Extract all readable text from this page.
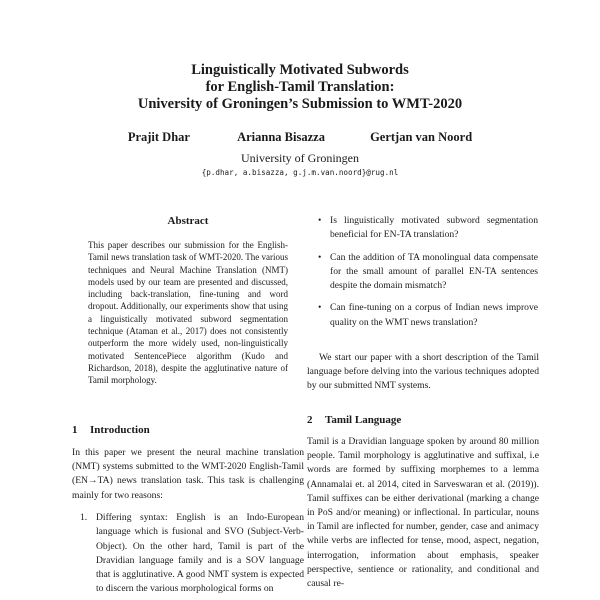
Linguistically Motivated Subwords
for English-Tamil Translation:
University of Groningen’s Submission to WMT-2020
Prajit Dhar	Arianna Bisazza	Gertjan van Noord
University of Groningen
{p.dhar, a.bisazza, g.j.m.van.noord}@rug.nl
Abstract

This paper describes our submission for the English-Tamil news translation task of WMT-2020. The various techniques and Neural Machine Translation (NMT) models used by our team are presented and discussed, including back-translation, fine-tuning and word dropout. Additionally, our experiments show that using a linguistically motivated subword segmentation technique (Ataman et al., 2017) does not consistently outperform the more widely used, non-linguistically motivated SentencePiece algorithm (Kudo and Richardson, 2018), despite the agglutinative nature of Tamil morphology.

1 Introduction

In this paper we present the neural machine translation (NMT) systems submitted to the WMT-2020 English-Tamil (EN→TA) news translation task. This task is challenging mainly for two reasons:

1. Differing syntax: English is an Indo-European language which is fusional and SVO (Subject-Verb-Object). On the other hard, Tamil is part of the Dravidian language family and is a SOV language that is agglutinative. A good NMT system is expected to discern the various morphological forms on
• Is linguistically motivated subword segmentation beneficial for EN-TA translation?
• Can the addition of TA monolingual data compensate for the small amount of parallel EN-TA sentences despite the domain mismatch?
• Can fine-tuning on a corpus of Indian news improve quality on the WMT news translation?

We start our paper with a short description of the Tamil language before delving into the various techniques adopted by our submitted NMT systems.

2 Tamil Language

Tamil is a Dravidian language spoken by around 80 million people. Tamil morphology is agglutinative and suffixal, i.e words are formed by suffixing morphemes to a lemma (Annamalai et. al 2014, cited in Sarveswaran et al. (2019)). Tamil suffixes can be either derivational (marking a change in PoS and/or meaning) or inflectional. In particular, nouns in Tamil are inflected for number, gender, case and animacy while verbs are inflected for tense, mood, aspect, negation, interrogation, information about emphasis, speaker perspective, sentience or rationality, and conditional and causal re-
